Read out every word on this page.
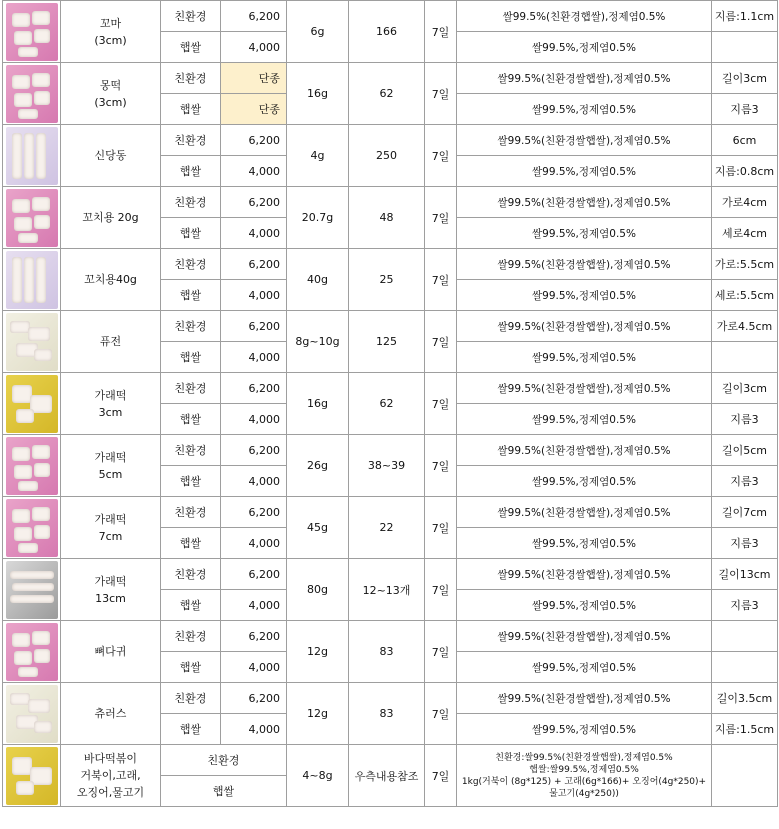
	꼬마
(3cm)	친환경	6,200	6g	166	7일	쌀99.5%(친환경햅쌀),정제염0.5%	지름:1.1cm
		햅쌀	4,000				쌀99.5%,정제염0.5%	

	몽떡
(3cm)	친환경	단종	16g	62	7일	쌀99.5%(친환경쌀햅쌀),정제염0.5%	길이3cm
		햅쌀	단종				쌀99.5%,정제염0.5%	지름3

	신당동	친환경	6,200	4g	250	7일	쌀99.5%(친환경쌀햅쌀),정제염0.5%	6cm
		햅쌀	4,000				쌀99.5%,정제염0.5%	지름:0.8cm

	꼬치용 20g	친환경	6,200	20.7g	48	7일	쌀99.5%(친환경쌀햅쌀),정제염0.5%	가로4cm
		햅쌀	4,000				쌀99.5%,정제염0.5%	세로4cm

	꼬치용40g	친환경	6,200	40g	25	7일	쌀99.5%(친환경쌀햅쌀),정제염0.5%	가로:5.5cm
		햅쌀	4,000				쌀99.5%,정제염0.5%	세로:5.5cm

	퓨전	친환경	6,200	8g~10g	125	7일	쌀99.5%(친환경쌀햅쌀),정제염0.5%	가로4.5cm
		햅쌀	4,000				쌀99.5%,정제염0.5%	

	가래떡
3cm	친환경	6,200	16g	62	7일	쌀99.5%(친환경쌀햅쌀),정제염0.5%	길이3cm
		햅쌀	4,000				쌀99.5%,정제염0.5%	지름3

	가래떡
5cm	친환경	6,200	26g	38~39	7일	쌀99.5%(친환경쌀햅쌀),정제염0.5%	길이5cm
		햅쌀	4,000				쌀99.5%,정제염0.5%	지름3

	가래떡
7cm	친환경	6,200	45g	22	7일	쌀99.5%(친환경쌀햅쌀),정제염0.5%	길이7cm
		햅쌀	4,000				쌀99.5%,정제염0.5%	지름3

	가래떡
13cm	친환경	6,200	80g	12~13개	7일	쌀99.5%(친환경쌀햅쌀),정제염0.5%	길이13cm
		햅쌀	4,000				쌀99.5%,정제염0.5%	지름3

	뼈다귀	친환경	6,200	12g	83	7일	쌀99.5%(친환경쌀햅쌀),정제염0.5%	
		햅쌀	4,000				쌀99.5%,정제염0.5%	

	츄러스	친환경	6,200	12g	83	7일	쌀99.5%(친환경쌀햅쌀),정제염0.5%	길이3.5cm
		햅쌀	4,000				쌀99.5%,정제염0.5%	지름:1.5cm

	바다떡볶이
거북이,고래,
오징어,물고기	친환경		4~8g	우측내용참조	7일	친환경:쌀99.5%(친환경쌀햅쌀),정제염0.5%
햅쌀:쌀99.5%,정제염0.5%
1kg(거북이 (8g*125) + 고래(6g*166)+ 오징어(4g*250)+
물고기(4g*250))	
		햅쌀						
